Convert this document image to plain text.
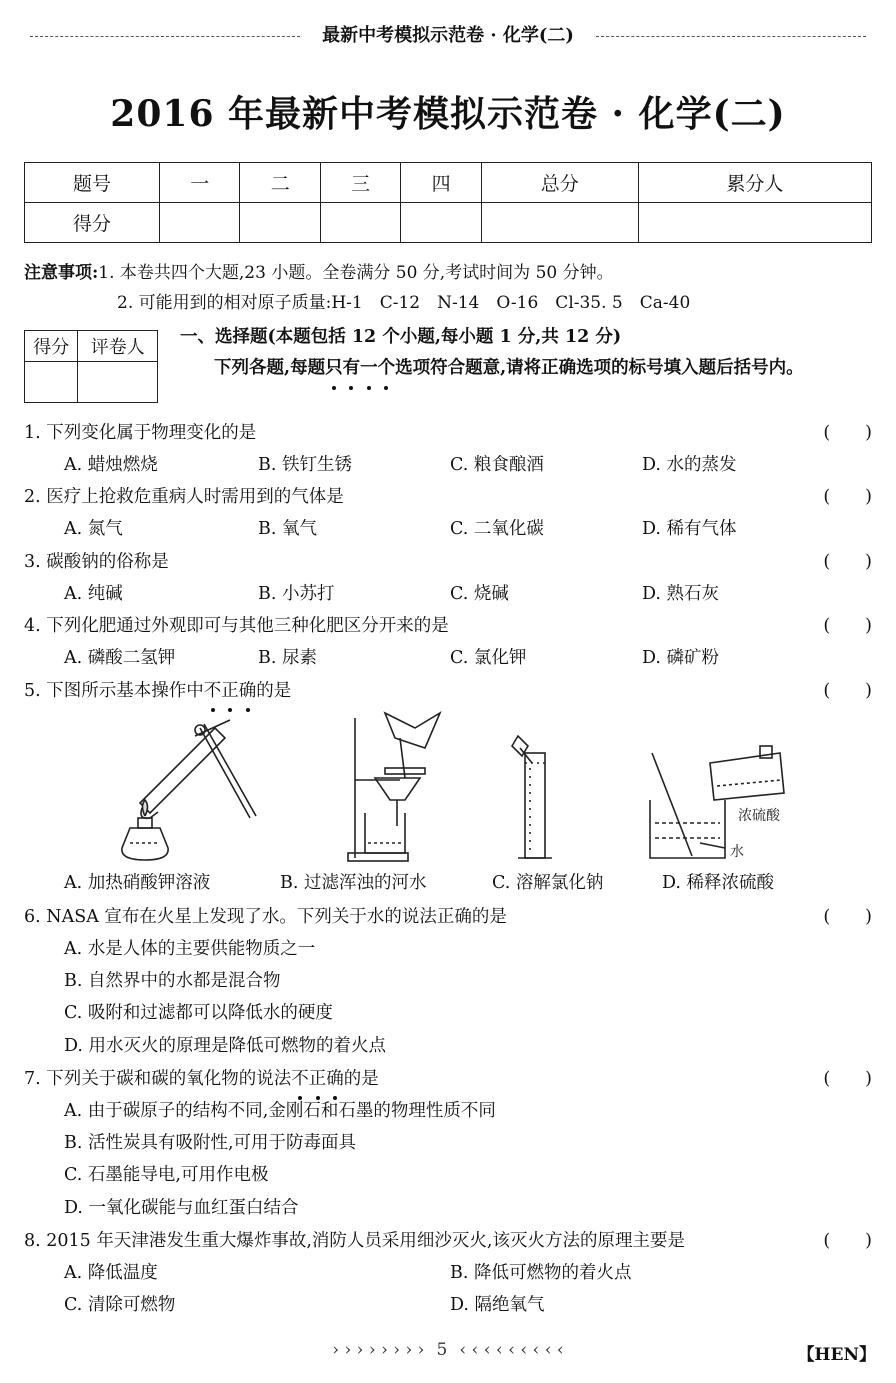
最新中考模拟示范卷 · 化学(二)
2016 年最新中考模拟示范卷 · 化学(二)
题号	一	二	三	四	总分	累分人
得分						
注意事项:1. 本卷共四个大题,23 小题。全卷满分 50 分,考试时间为 50 分钟。
2. 可能用到的相对原子质量:H-1　C-12　N-14　O-16　Cl-35. 5　Ca-40
得分	评卷人
	一、选择题(本题包括 12 个小题,每小题 1 分,共 12 分)
下列各题,每题只有一个选项符合题意,请将正确选项的标号填入题后括号内。
1. 下列变化属于物理变化的是	(　　)
A. 蜡烛燃烧	B. 铁钉生锈	C. 粮食酿酒	D. 水的蒸发
2. 医疗上抢救危重病人时需用到的气体是	(　　)
A. 氮气	B. 氧气	C. 二氧化碳	D. 稀有气体
3. 碳酸钠的俗称是	(　　)
A. 纯碱	B. 小苏打	C. 烧碱	D. 熟石灰
4. 下列化肥通过外观即可与其他三种化肥区分开来的是	(　　)
A. 磷酸二氢钾	B. 尿素	C. 氯化钾	D. 磷矿粉
5. 下图所示基本操作中不正确的是	(　　)
浓硫酸
水
A. 加热硝酸钾溶液	B. 过滤浑浊的河水	C. 溶解氯化钠	D. 稀释浓硫酸
6. NASA 宣布在火星上发现了水。下列关于水的说法正确的是	(　　)
A. 水是人体的主要供能物质之一
B. 自然界中的水都是混合物
C. 吸附和过滤都可以降低水的硬度
D. 用水灭火的原理是降低可燃物的着火点
7. 下列关于碳和碳的氧化物的说法不正确的是	(　　)
A. 由于碳原子的结构不同,金刚石和石墨的物理性质不同
B. 活性炭具有吸附性,可用于防毒面具
C. 石墨能导电,可用作电极
D. 一氧化碳能与血红蛋白结合
8. 2015 年天津港发生重大爆炸事故,消防人员采用细沙灭火,该灭火方法的原理主要是	(　　)
A. 降低温度	B. 降低可燃物的着火点
C. 清除可燃物	D. 隔绝氧气
› › › › › › › › 5 ‹ ‹ ‹ ‹ ‹ ‹ ‹ ‹ ‹	【HEN】
